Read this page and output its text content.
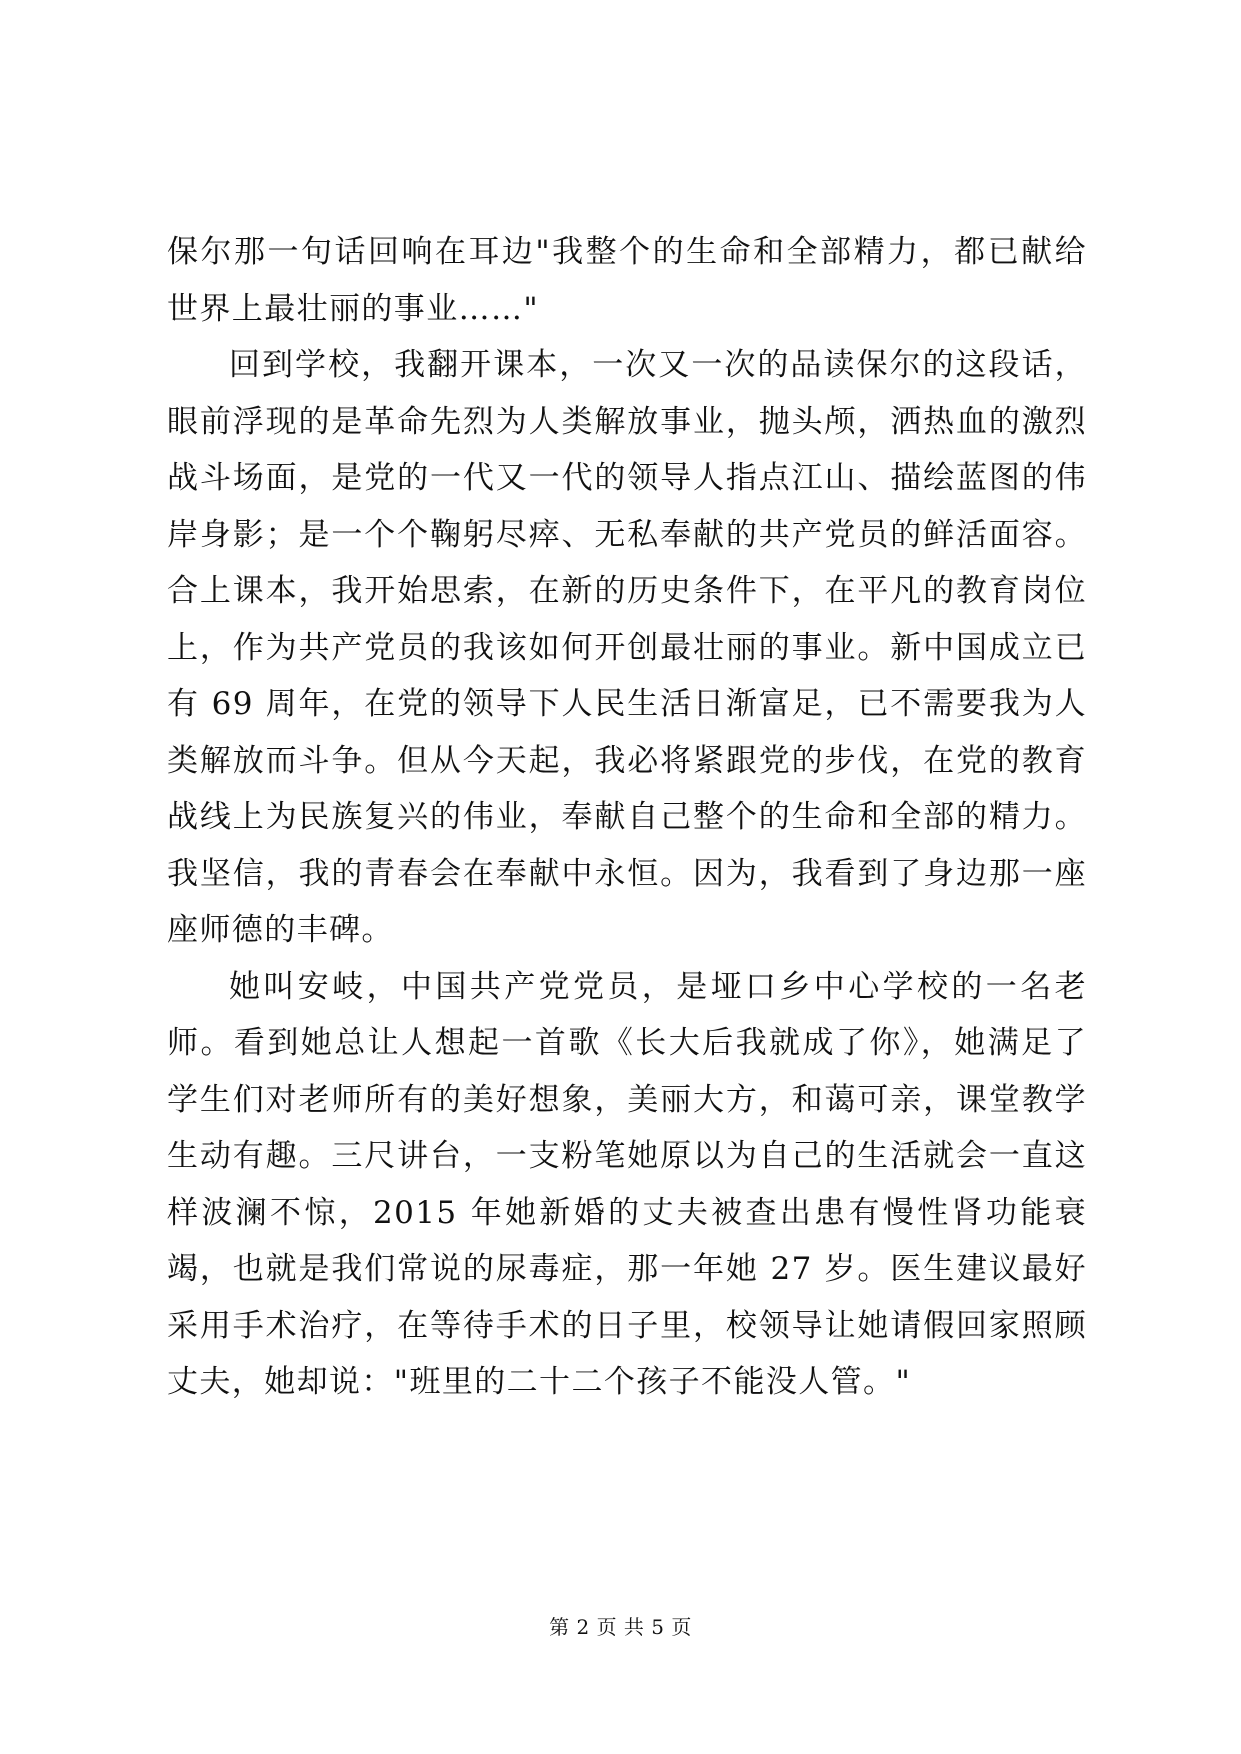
保尔那一句话回响在耳边"我整个的生命和全部精力，都已献给世界上最壮丽的事业……"

回到学校，我翻开课本，一次又一次的品读保尔的这段话，眼前浮现的是革命先烈为人类解放事业，抛头颅，洒热血的激烈战斗场面，是党的一代又一代的领导人指点江山、描绘蓝图的伟岸身影；是一个个鞠躬尽瘁、无私奉献的共产党员的鲜活面容。合上课本，我开始思索，在新的历史条件下，在平凡的教育岗位上，作为共产党员的我该如何开创最壮丽的事业。新中国成立已有 69 周年，在党的领导下人民生活日渐富足，已不需要我为人类解放而斗争。但从今天起，我必将紧跟党的步伐，在党的教育战线上为民族复兴的伟业，奉献自己整个的生命和全部的精力。我坚信，我的青春会在奉献中永恒。因为，我看到了身边那一座座师德的丰碑。

她叫安岐，中国共产党党员，是垭口乡中心学校的一名老师。看到她总让人想起一首歌《长大后我就成了你》，她满足了学生们对老师所有的美好想象，美丽大方，和蔼可亲，课堂教学生动有趣。三尺讲台，一支粉笔她原以为自己的生活就会一直这样波澜不惊，2015 年她新婚的丈夫被查出患有慢性肾功能衰竭，也就是我们常说的尿毒症，那一年她 27 岁。医生建议最好采用手术治疗，在等待手术的日子里，校领导让她请假回家照顾丈夫，她却说："班里的二十二个孩子不能没人管。"

第 2 页 共 5 页
